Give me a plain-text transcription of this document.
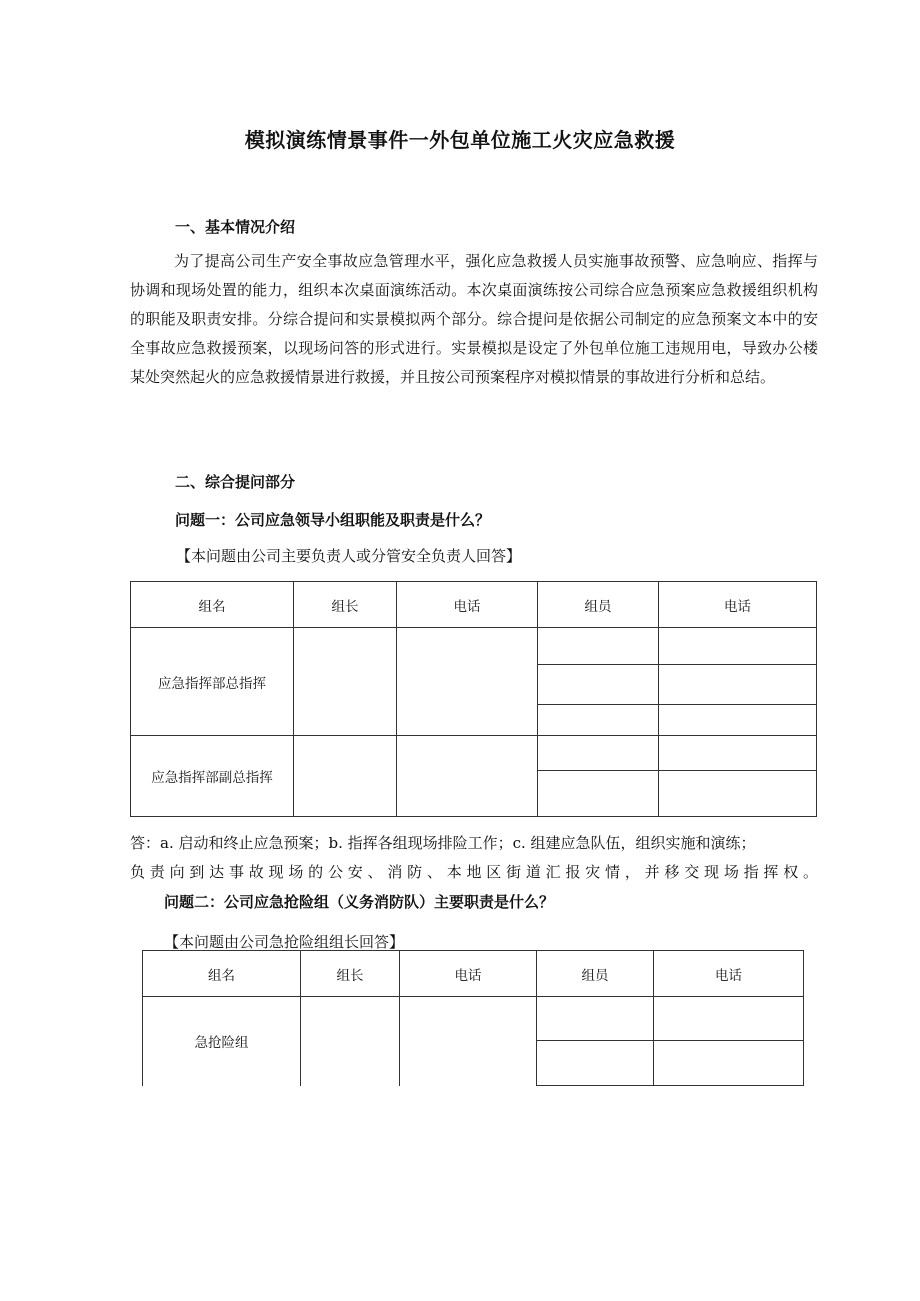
模拟演练情景事件一外包单位施工火灾应急救援
一、基本情况介绍

为了提高公司生产安全事故应急管理水平，强化应急救援人员实施事故预警、应急响应、指挥与协调和现场处置的能力，组织本次桌面演练活动。本次桌面演练按公司综合应急预案应急救援组织机构的职能及职责安排。分综合提问和实景模拟两个部分。综合提问是依据公司制定的应急预案文本中的安全事故应急救援预案，以现场问答的形式进行。实景模拟是设定了外包单位施工违规用电，导致办公楼某处突然起火的应急救援情景进行救援，并且按公司预案程序对模拟情景的事故进行分析和总结。

二、综合提问部分
问题一：公司应急领导小组职能及职责是什么？
【本问题由公司主要负责人或分管安全负责人回答】
组名	组长	电话	组员	电话
应急指挥部总指挥				

应急指挥部副总指挥				

答：a. 启动和终止应急预案；b. 指挥各组现场排险工作；c. 组建应急队伍，组织实施和演练；
负责向到达事故现场的公安、消防、本地区街道汇报灾情，并移交现场指挥权。
问题二：公司应急抢险组（义务消防队）主要职责是什么？
【本问题由公司急抢险组组长回答】
组名	组长	电话	组员	电话
急抢险组				
